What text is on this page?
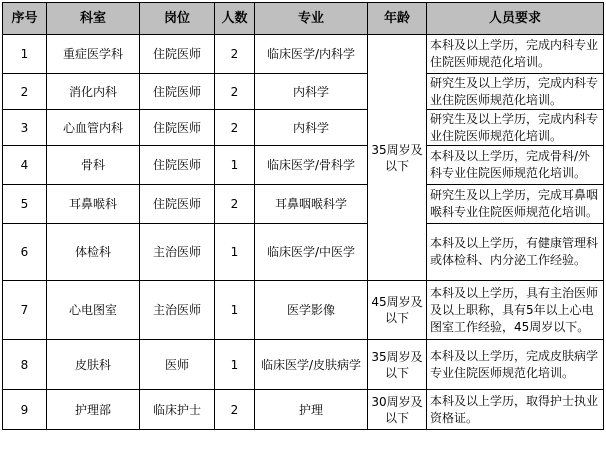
序号	科室	岗位	人数	专业	年龄	人员要求
1	重症医学科	住院医师	2	临床医学/内科学	35周岁及以下	本科及以上学历，完成内科专业住院医师规范化培训。
2	消化内科	住院医师	2	内科学		研究生及以上学历，完成内科专业住院医师规范化培训。
3	心血管内科	住院医师	2	内科学		研究生及以上学历，完成内科专业住院医师规范化培训。
4	骨科	住院医师	1	临床医学/骨科学		本科及以上学历，完成骨科/外科专业住院医师规范化培训。
5	耳鼻喉科	住院医师	2	耳鼻咽喉科学		研究生及以上学历，完成耳鼻咽喉科专业住院医师规范化培训。
6	体检科	主治医师	1	临床医学/中医学		本科及以上学历，有健康管理科或体检科、内分泌工作经验。
7	心电图室	主治医师	1	医学影像	45周岁及以下	本科及以上学历，具有主治医师及以上职称，具有5年以上心电图室工作经验，45周岁以下。
8	皮肤科	医师	1	临床医学/皮肤病学	35周岁及以下	本科及以上学历，完成皮肤病学专业住院医师规范化培训。
9	护理部	临床护士	2	护理	30周岁及以下	本科及以上学历，取得护士执业资格证。
